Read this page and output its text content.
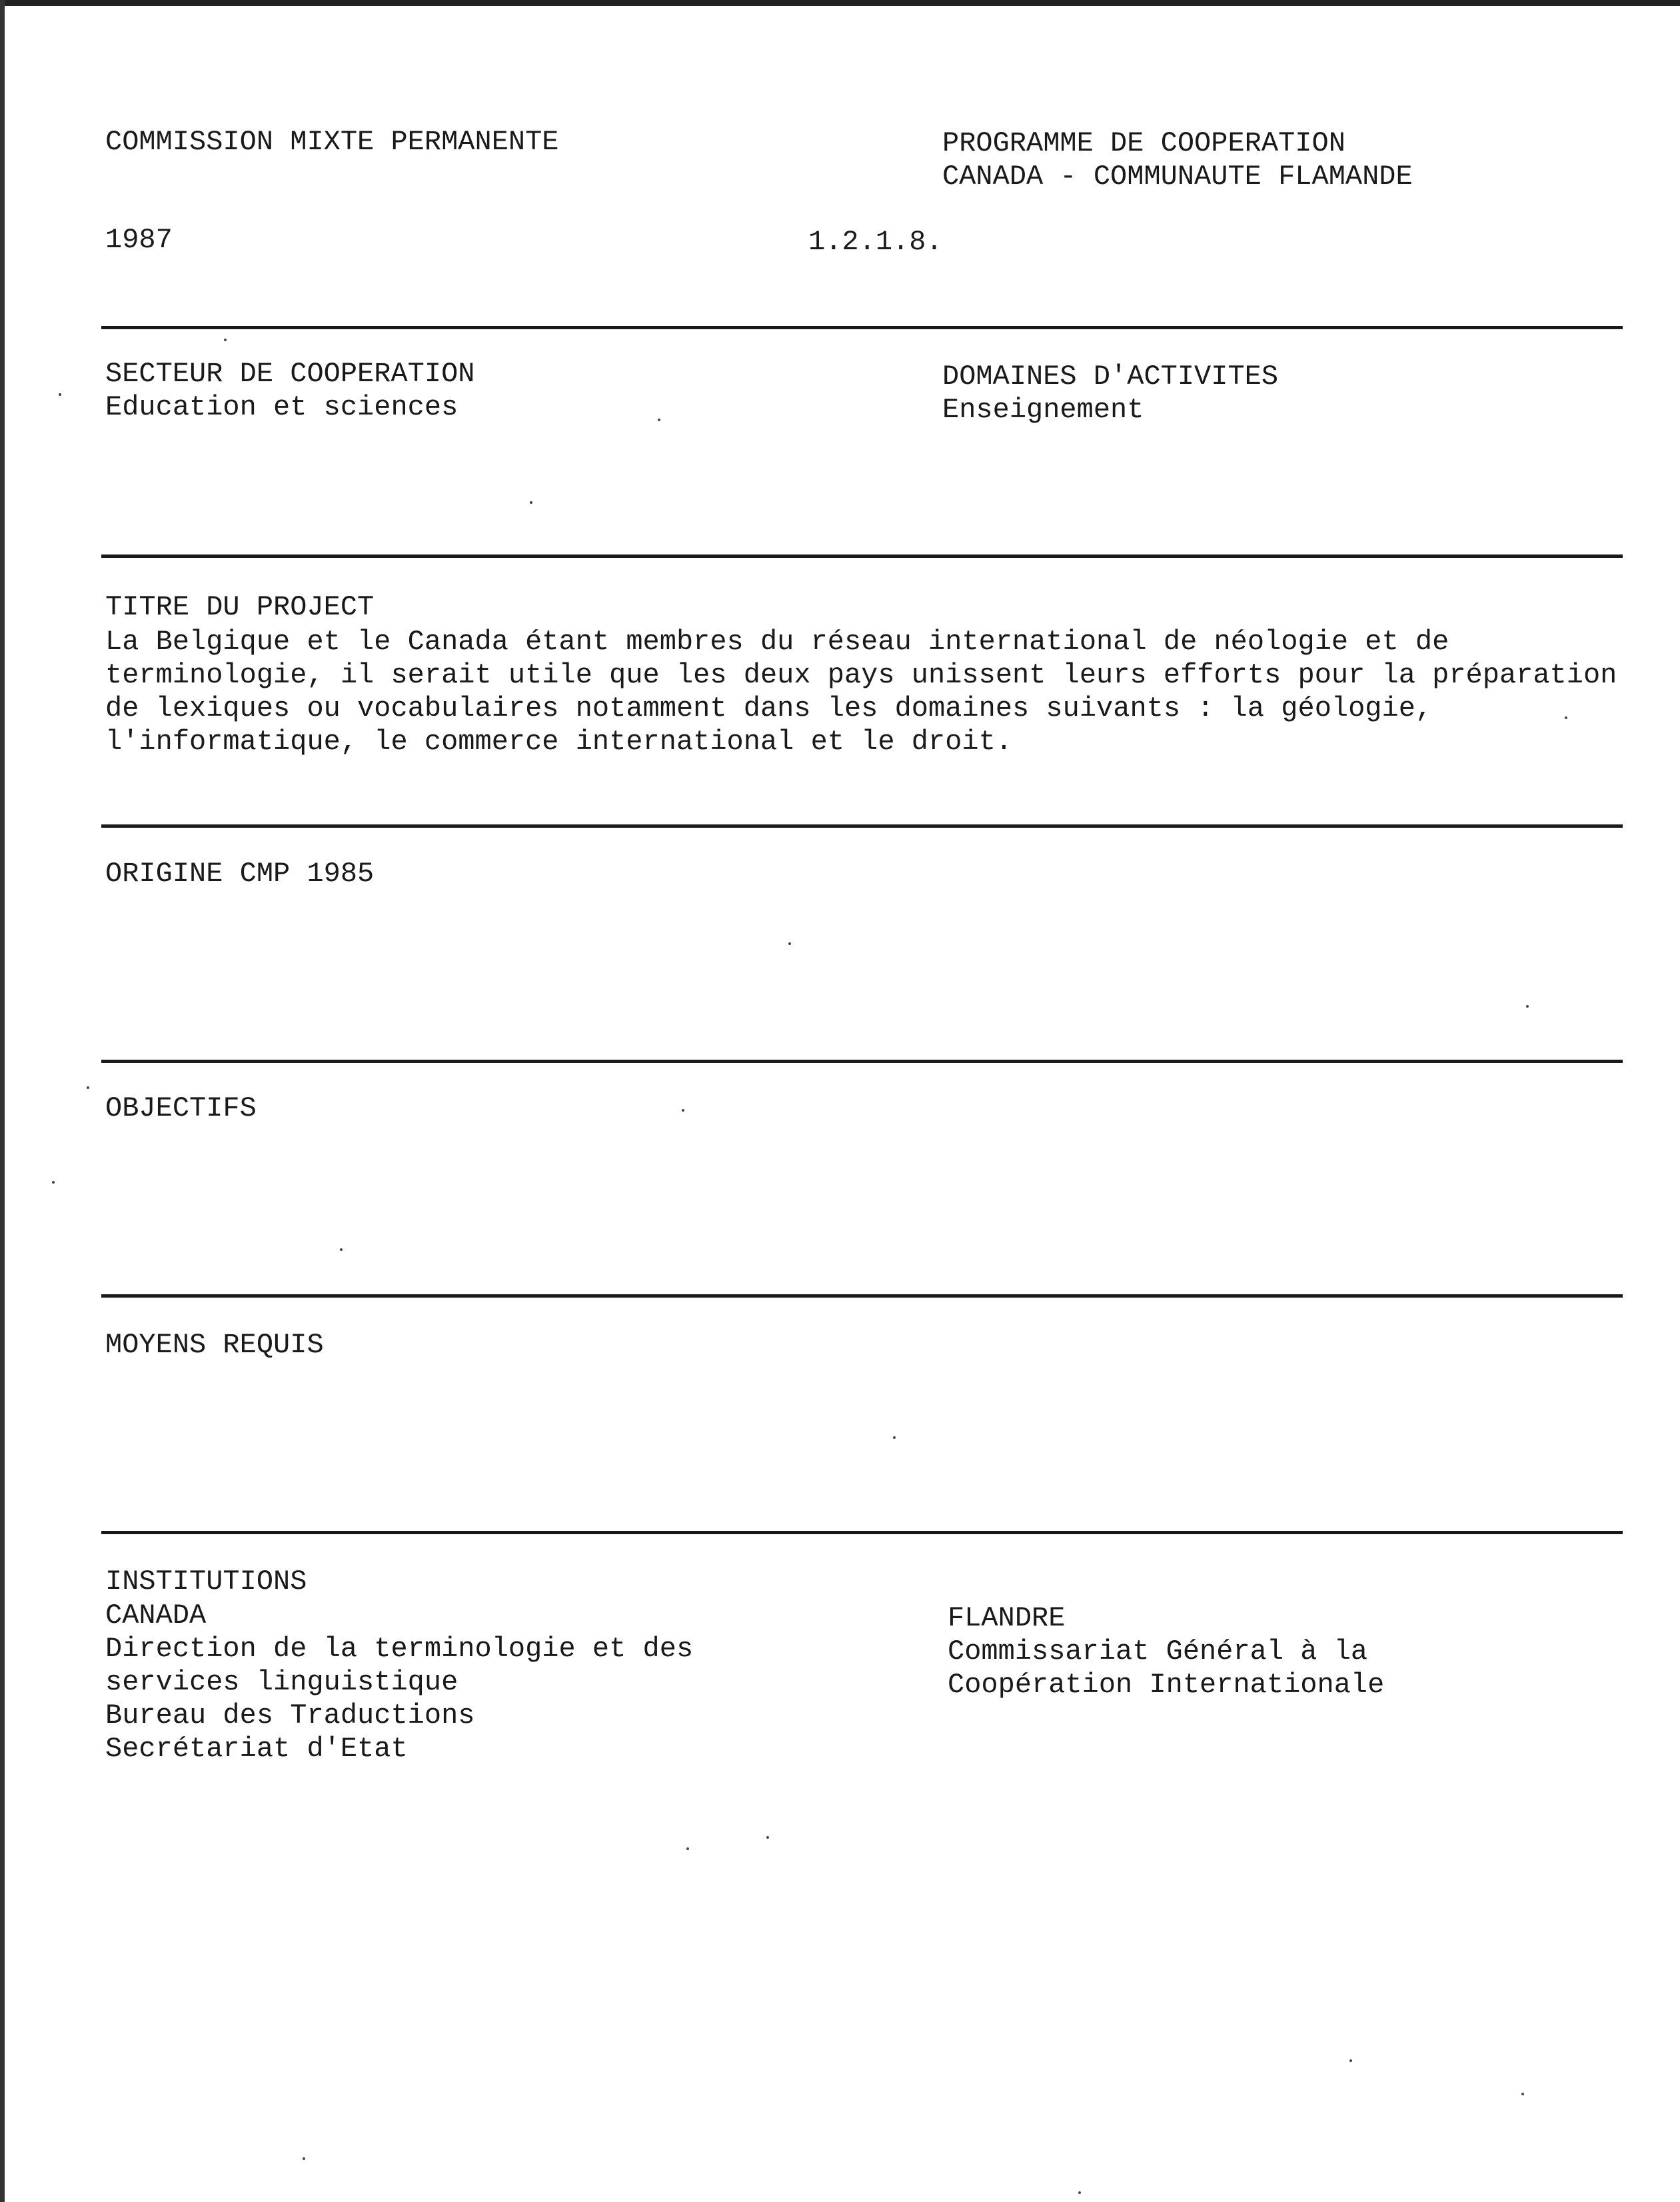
COMMISSION MIXTE PERMANENTE	PROGRAMME DE COOPERATION
CANADA - COMMUNAUTE FLAMANDE
1987	1.2.1.8.
SECTEUR DE COOPERATION
Education et sciences
DOMAINES D'ACTIVITES
Enseignement
TITRE DU PROJECT
La Belgique et le Canada étant membres du réseau international de néologie et de
terminologie, il serait utile que les deux pays unissent leurs efforts pour la préparation
de lexiques ou vocabulaires notamment dans les domaines suivants : la géologie,
l'informatique, le commerce international et le droit.
ORIGINE CMP 1985
OBJECTIFS
MOYENS REQUIS
INSTITUTIONS
CANADA
Direction de la terminologie et des
services linguistique
Bureau des Traductions
Secrétariat d'Etat
FLANDRE
Commissariat Général à la
Coopération Internationale
